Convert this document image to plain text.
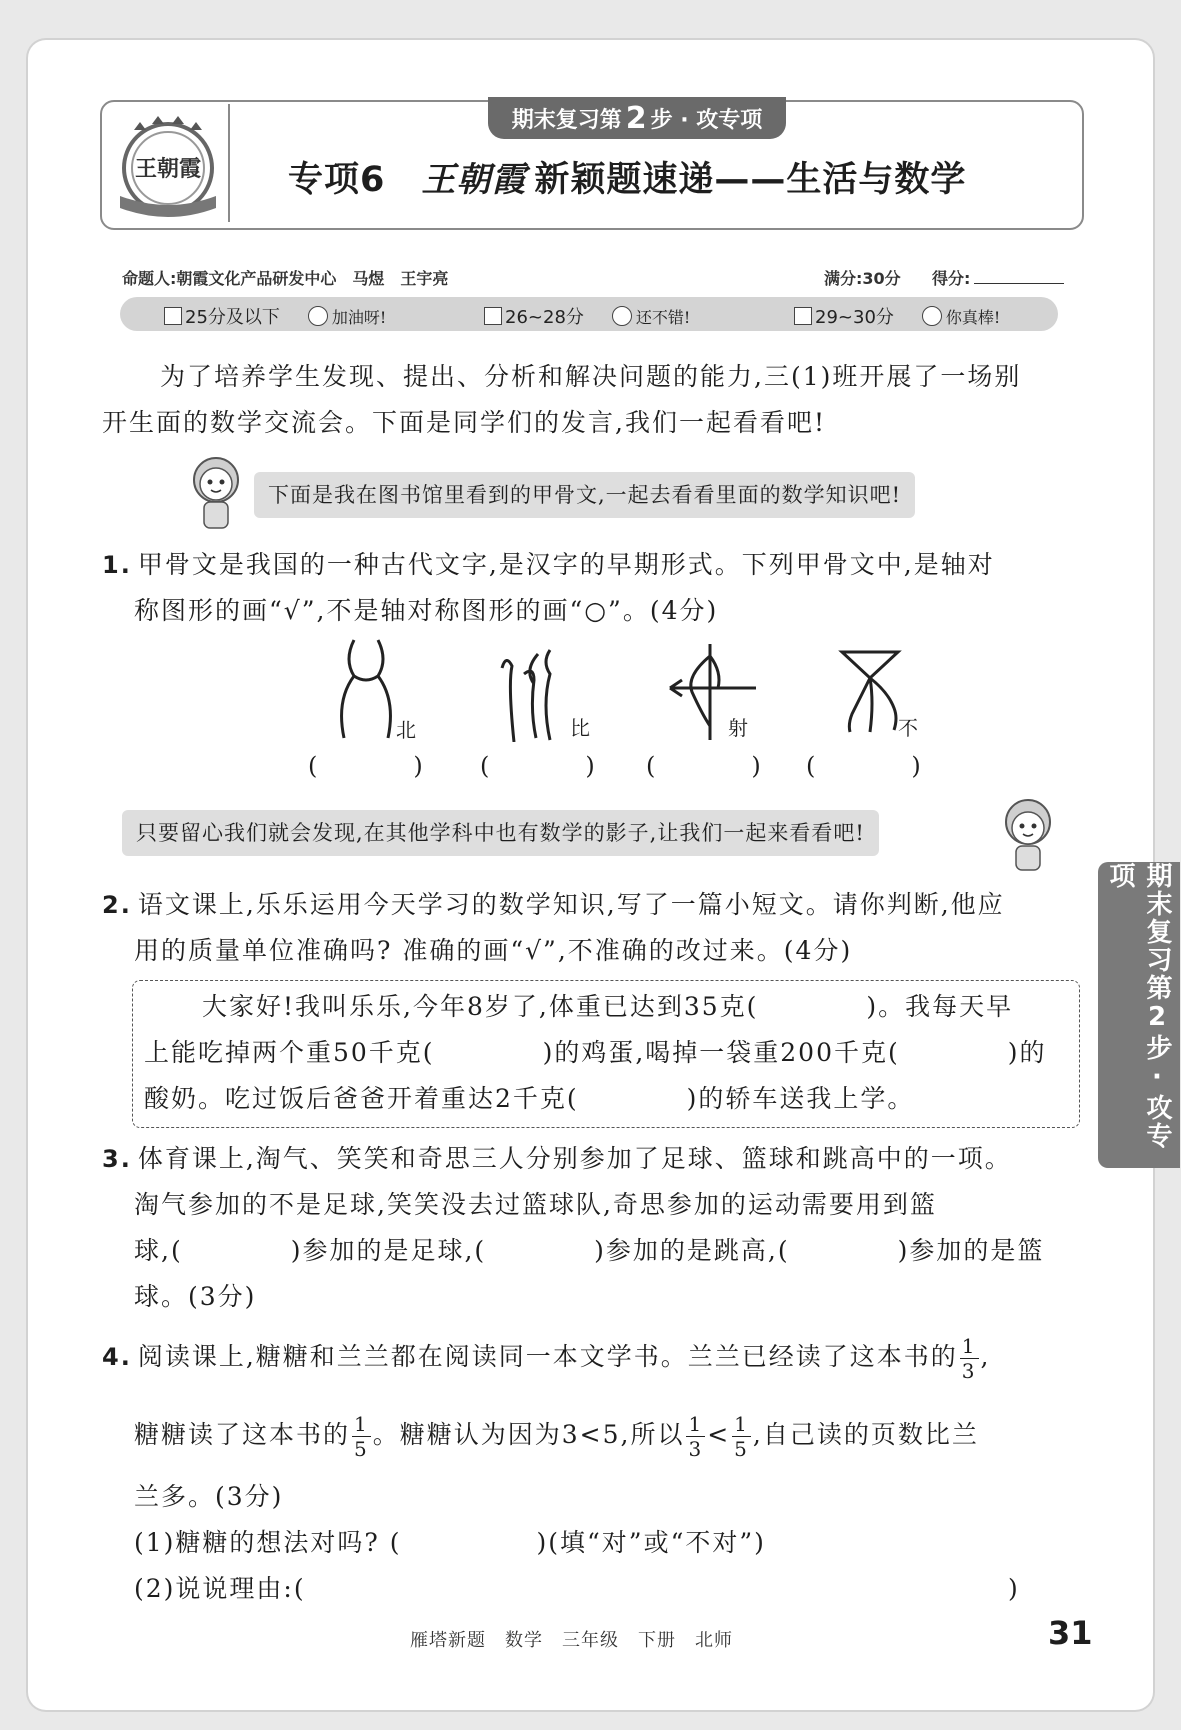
王朝霞
期末复习第 2 步 · 攻专项
专项6 王朝霞 新颖题速递——生活与数学
命题人:朝霞文化产品研发中心　马煜　王宇亮	满分:30分 得分:
25分及以下	加油呀!	26~28分	还不错!	29~30分	你真棒!
为了培养学生发现、提出、分析和解决问题的能力,三(1)班开展了一场别
开生面的数学交流会。下面是同学们的发言,我们一起看看吧!
下面是我在图书馆里看到的甲骨文,一起去看看里面的数学知识吧!
1. 甲骨文是我国的一种古代文字,是汉字的早期形式。下列甲骨文中,是轴对
称图形的画“√”,不是轴对称图形的画“○”。(4分)
北	比	射	不
(　　　　) (　　　　) (　　　　) (　　　　)
只要留心我们就会发现,在其他学科中也有数学的影子,让我们一起来看看吧!
2. 语文课上,乐乐运用今天学习的数学知识,写了一篇小短文。请你判断,他应
用的质量单位准确吗? 准确的画“√”,不准确的改过来。(4分)
大家好!我叫乐乐,今年8岁了,体重已达到35克(　　　　)。我每天早
上能吃掉两个重50千克(　　　　)的鸡蛋,喝掉一袋重200千克(　　　　)的
酸奶。吃过饭后爸爸开着重达2千克(　　　　)的轿车送我上学。
3. 体育课上,淘气、笑笑和奇思三人分别参加了足球、篮球和跳高中的一项。
淘气参加的不是足球,笑笑没去过篮球队,奇思参加的运动需要用到篮
球,(　　　　)参加的是足球,(　　　　)参加的是跳高,(　　　　)参加的是篮
球。(3分)
4. 阅读课上,糖糖和兰兰都在阅读同一本文学书。兰兰已经读了这本书的 $\frac{1}{3}$ ,
糖糖读了这本书的 $\frac{1}{5}$ 。糖糖认为因为3<5,所以 $\frac{1}{3} < \frac{1}{5}$ ,自己读的页数比兰
兰多。(3分)
(1)糖糖的想法对吗? (　　　　　)(填“对”或“不对”)
(2)说说理由:(	)
期末复习第2步·攻专项
雁塔新题　数学　三年级　下册　北师	31
